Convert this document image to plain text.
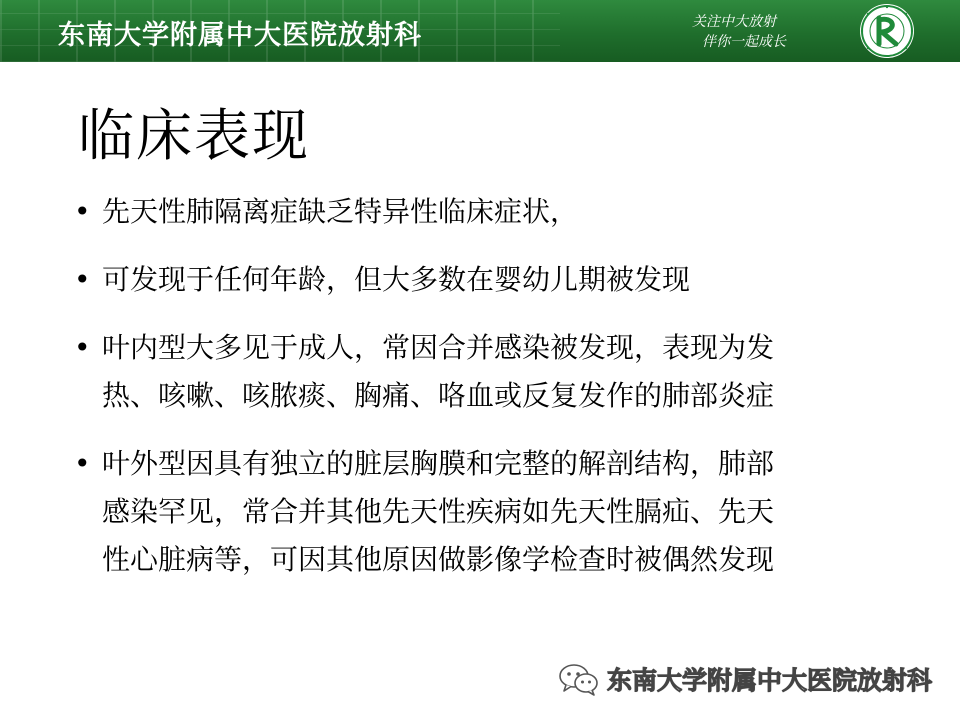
东南大学附属中大医院放射科	关注中大放射
伴你一起成长
临床表现
• 先天性肺隔离症缺乏特异性临床症状，
• 可发现于任何年龄，但大多数在婴幼儿期被发现
• 叶内型大多见于成人，常因合并感染被发现，表现为发
热、咳嗽、咳脓痰、胸痛、咯血或反复发作的肺部炎症
• 叶外型因具有独立的脏层胸膜和完整的解剖结构，肺部
感染罕见，常合并其他先天性疾病如先天性膈疝、先天
性心脏病等，可因其他原因做影像学检查时被偶然发现
东南大学附属中大医院放射科
